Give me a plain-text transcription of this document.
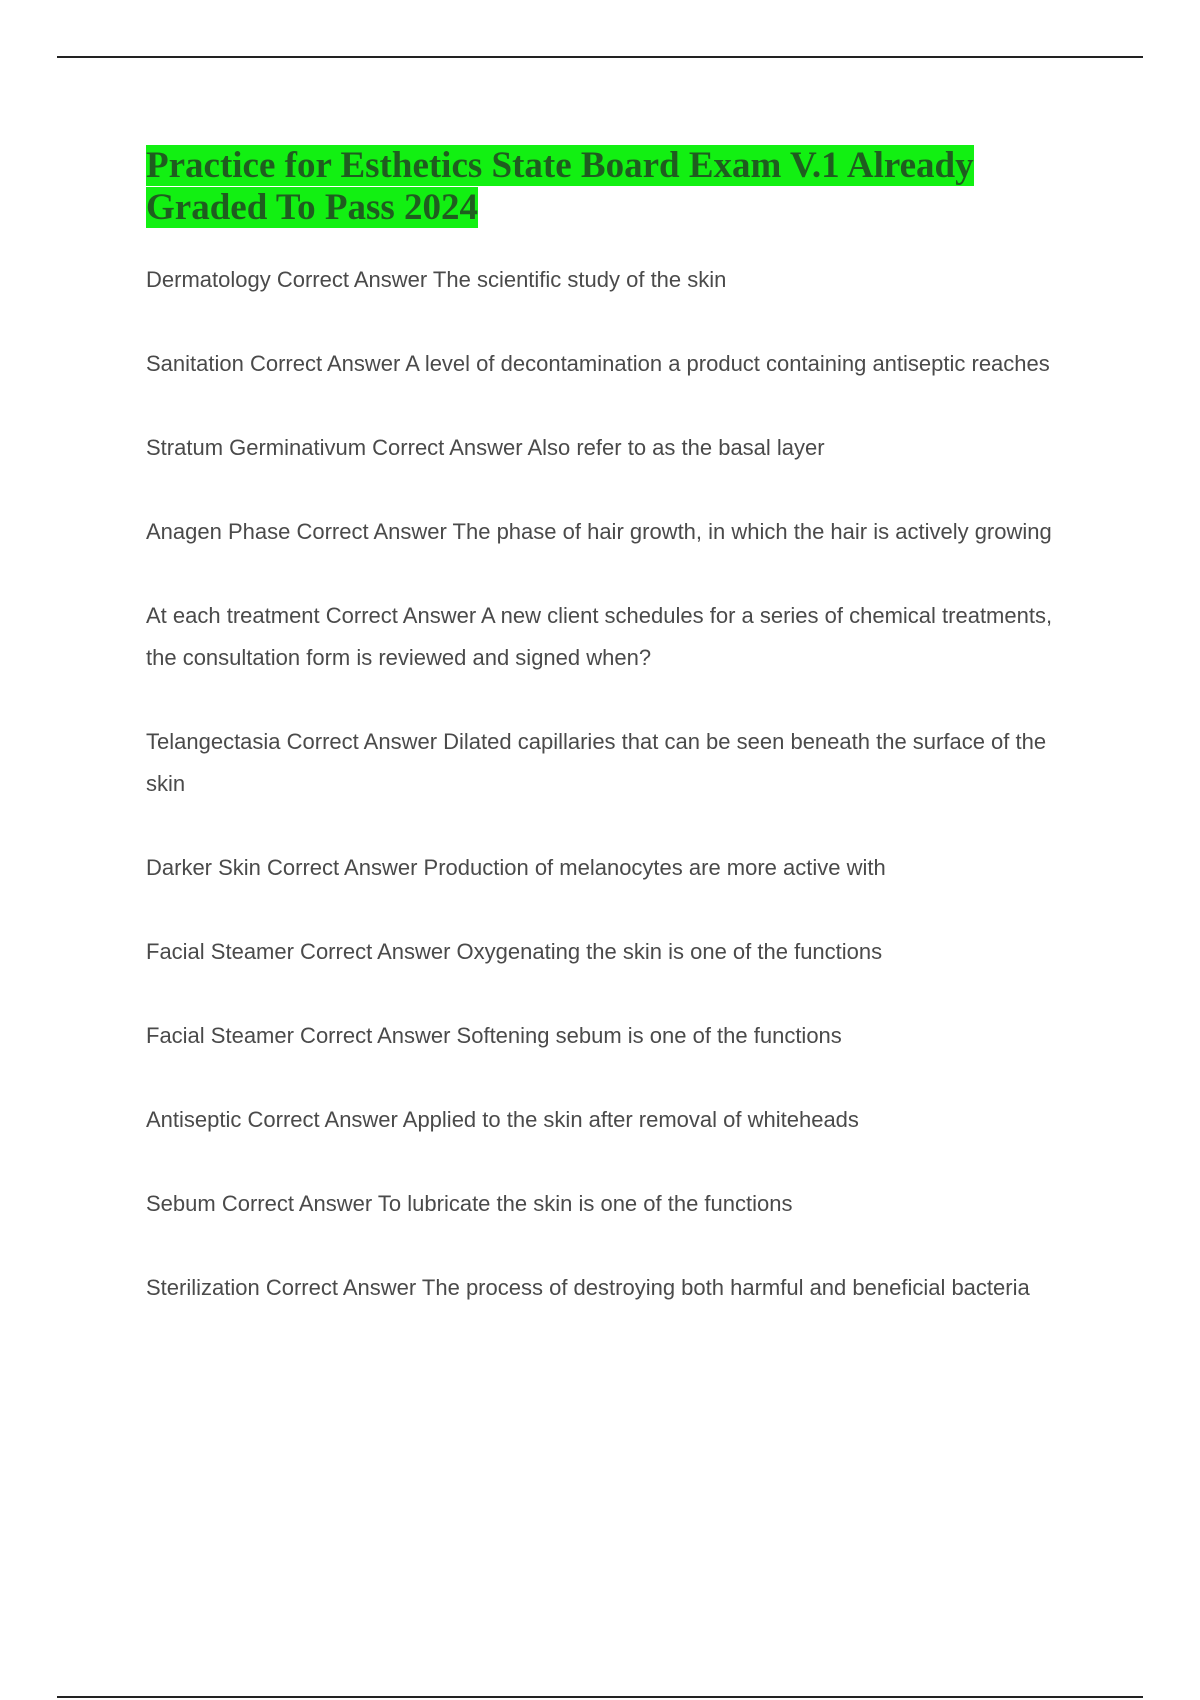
Practice for Esthetics State Board Exam V.1 Already Graded To Pass 2024
Dermatology Correct Answer The scientific study of the skin
Sanitation Correct Answer A level of decontamination a product containing antiseptic reaches
Stratum Germinativum Correct Answer Also refer to as the basal layer
Anagen Phase Correct Answer The phase of hair growth, in which the hair is actively growing
At each treatment Correct Answer A new client schedules for a series of chemical treatments, the consultation form is reviewed and signed when?
Telangectasia Correct Answer Dilated capillaries that can be seen beneath the surface of the skin
Darker Skin Correct Answer Production of melanocytes are more active with
Facial Steamer Correct Answer Oxygenating the skin is one of the functions
Facial Steamer Correct Answer Softening sebum is one of the functions
Antiseptic Correct Answer Applied to the skin after removal of whiteheads
Sebum Correct Answer To lubricate the skin is one of the functions
Sterilization Correct Answer The process of destroying both harmful and beneficial bacteria
